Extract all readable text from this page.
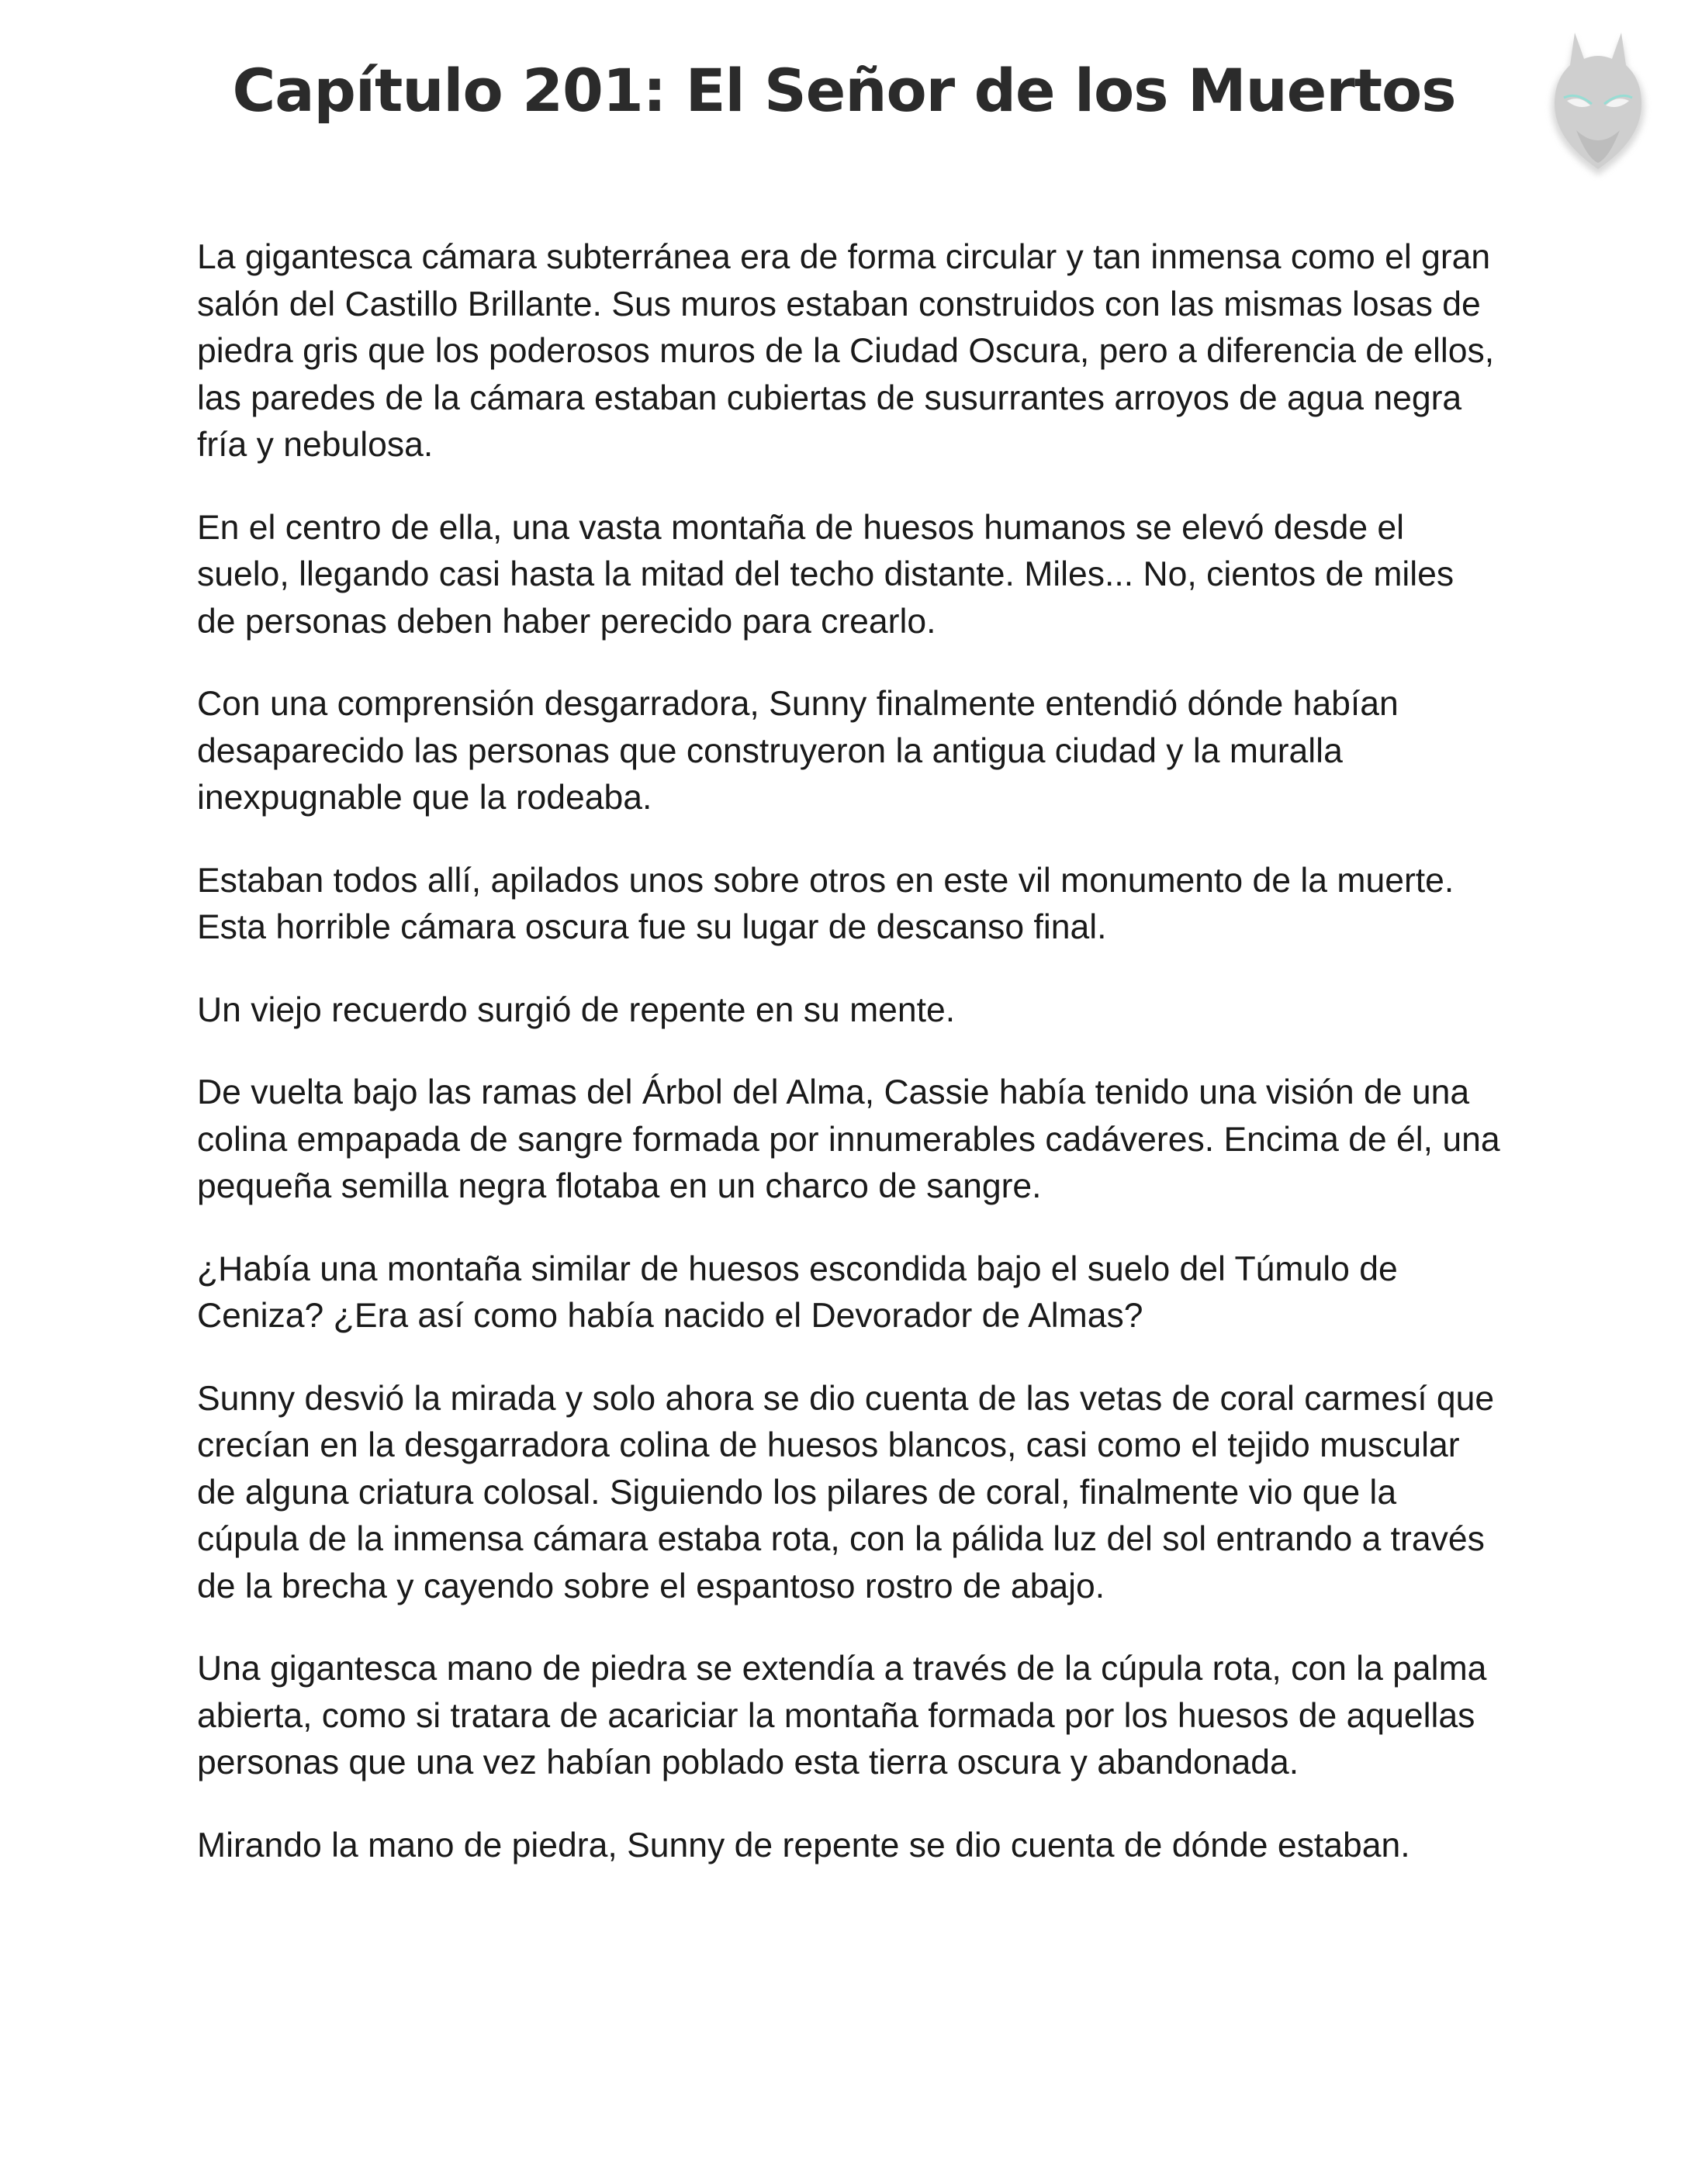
Capítulo 201: El Señor de los Muertos

La gigantesca cámara subterránea era de forma circular y tan inmensa como el gran salón del Castillo Brillante. Sus muros estaban construidos con las mismas losas de piedra gris que los poderosos muros de la Ciudad Oscura, pero a diferencia de ellos, las paredes de la cámara estaban cubiertas de susurrantes arroyos de agua negra fría y nebulosa.

En el centro de ella, una vasta montaña de huesos humanos se elevó desde el suelo, llegando casi hasta la mitad del techo distante. Miles... No, cientos de miles de personas deben haber perecido para crearlo.

Con una comprensión desgarradora, Sunny finalmente entendió dónde habían desaparecido las personas que construyeron la antigua ciudad y la muralla inexpugnable que la rodeaba.

Estaban todos allí, apilados unos sobre otros en este vil monumento de la muerte. Esta horrible cámara oscura fue su lugar de descanso final.

Un viejo recuerdo surgió de repente en su mente.

De vuelta bajo las ramas del Árbol del Alma, Cassie había tenido una visión de una colina empapada de sangre formada por innumerables cadáveres. Encima de él, una pequeña semilla negra flotaba en un charco de sangre.

¿Había una montaña similar de huesos escondida bajo el suelo del Túmulo de Ceniza? ¿Era así como había nacido el Devorador de Almas?

Sunny desvió la mirada y solo ahora se dio cuenta de las vetas de coral carmesí que crecían en la desgarradora colina de huesos blancos, casi como el tejido muscular de alguna criatura colosal. Siguiendo los pilares de coral, finalmente vio que la cúpula de la inmensa cámara estaba rota, con la pálida luz del sol entrando a través de la brecha y cayendo sobre el espantoso rostro de abajo.

Una gigantesca mano de piedra se extendía a través de la cúpula rota, con la palma abierta, como si tratara de acariciar la montaña formada por los huesos de aquellas personas que una vez habían poblado esta tierra oscura y abandonada.

Mirando la mano de piedra, Sunny de repente se dio cuenta de dónde estaban.
